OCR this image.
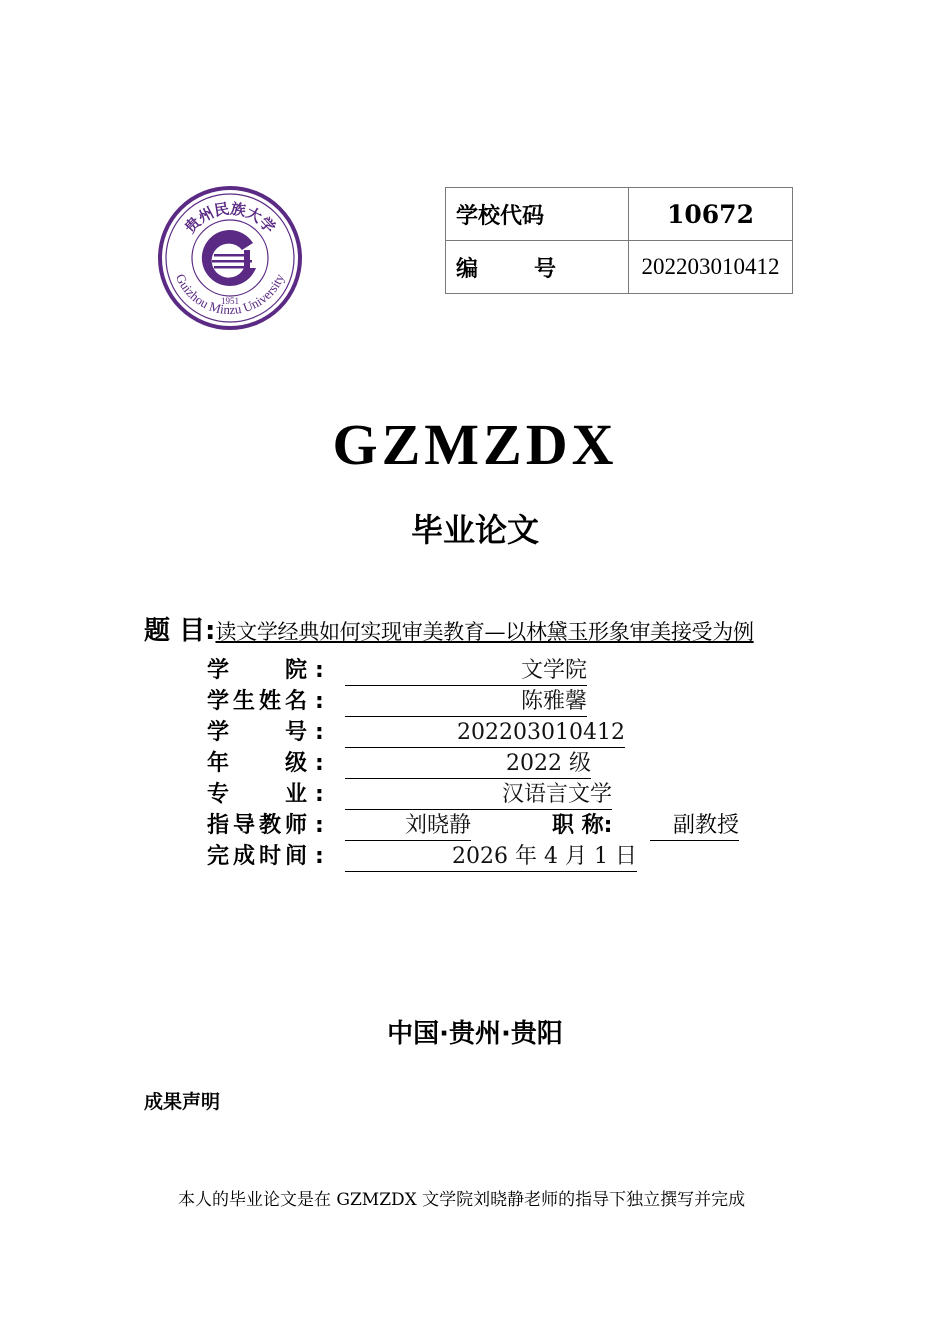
贵州民族大学
Guizhou Minzu University
1951
学校代码	10672
编 号	202203010412
GZMZDX
毕业论文
题 目:读文学经典如何实现审美教育—以林黛玉形象审美接受为例
学 院 :	文学院
学生姓名 :	陈雅馨
学 号 :	202203010412
年 级 :	2022 级
专 业 :	汉语言文学
指导教师 :	刘晓静	职 称:	副教授
完成时间 :	2026 年 4 月 1 日
中国·贵州·贵阳
成果声明
本人的毕业论文是在 GZMZDX 文学院刘晓静老师的指导下独立撰写并完成
